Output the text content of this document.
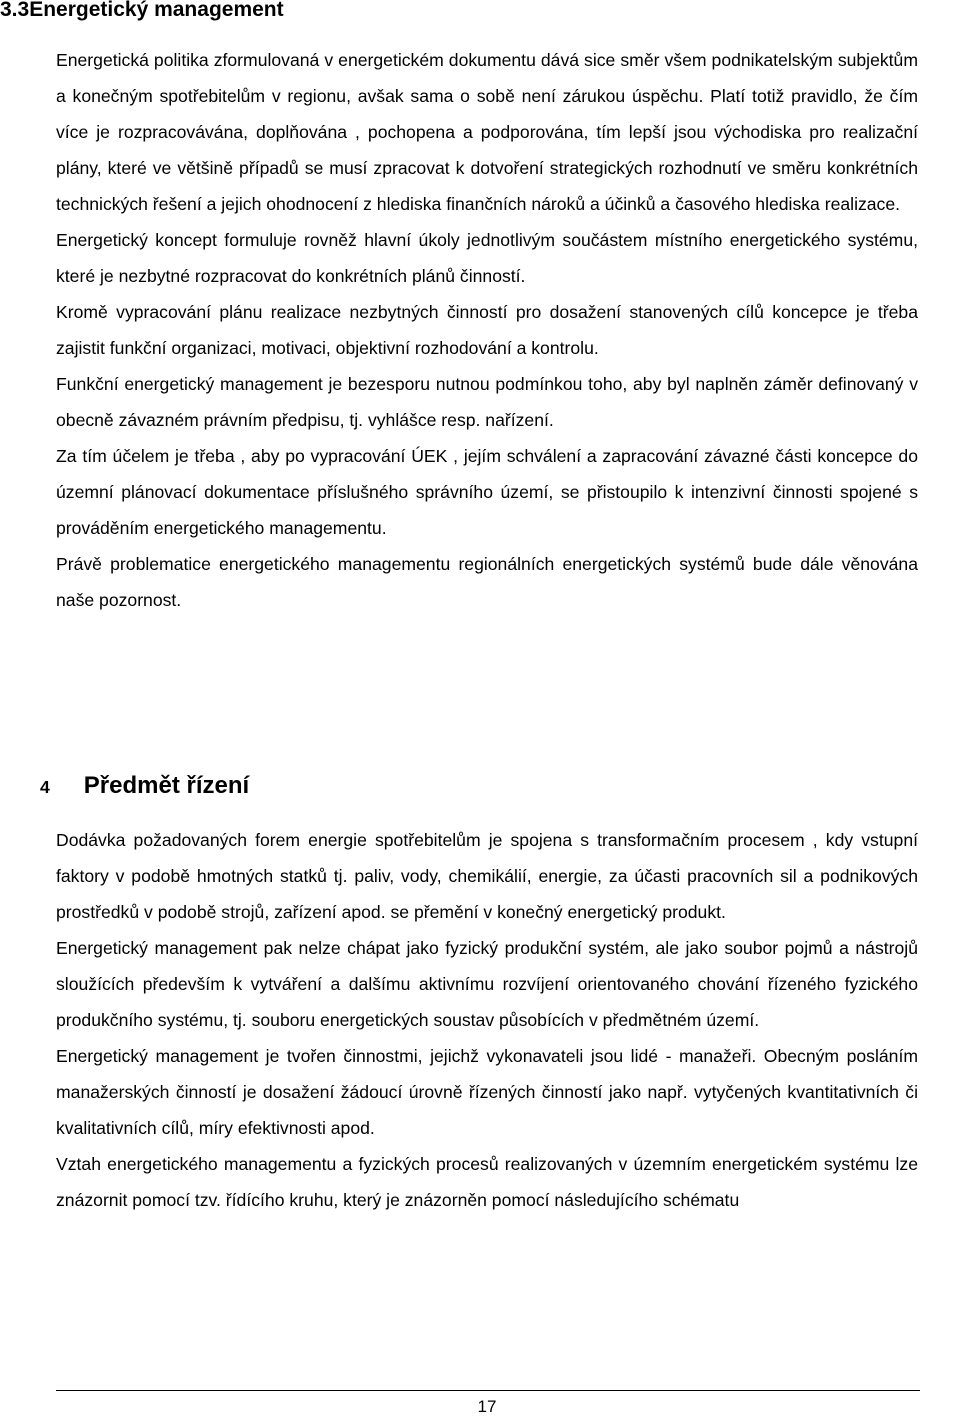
3.3Energetický management

Energetická politika zformulovaná v energetickém dokumentu dává sice směr všem podnikatelským subjektům a konečným spotřebitelům v regionu, avšak sama o sobě není zárukou úspěchu. Platí totiž pravidlo, že čím více je rozpracovávána, doplňována , pochopena a podporována, tím lepší jsou východiska pro realizační plány, které ve většině případů se musí zpracovat k dotvoření strategických rozhodnutí ve směru konkrétních technických řešení a jejich ohodnocení z hlediska finančních nároků a účinků a časového hlediska realizace.

Energetický koncept formuluje rovněž hlavní úkoly jednotlivým součástem místního energetického systému, které je nezbytné rozpracovat do konkrétních plánů činností.

Kromě vypracování plánu realizace nezbytných činností pro dosažení stanovených cílů koncepce je třeba zajistit funkční organizaci, motivaci, objektivní rozhodování a kontrolu.

Funkční energetický management je bezesporu nutnou podmínkou toho, aby byl naplněn záměr definovaný v obecně závazném právním předpisu, tj. vyhlášce resp. nařízení.

Za tím účelem je třeba , aby po vypracování ÚEK , jejím schválení a zapracování závazné části koncepce do územní plánovací dokumentace příslušného správního území, se přistoupilo k intenzivní činnosti spojené s prováděním energetického managementu.

Právě problematice energetického managementu regionálních energetických systémů bude dále věnována naše pozornost.

4 Předmět řízení

Dodávka požadovaných forem energie spotřebitelům je spojena s transformačním procesem , kdy vstupní faktory v podobě hmotných statků tj. paliv, vody, chemikálií, energie, za účasti pracovních sil a podnikových prostředků v podobě strojů, zařízení apod. se přemění v konečný energetický produkt.

Energetický management pak nelze chápat jako fyzický produkční systém, ale jako soubor pojmů a nástrojů sloužících především k vytváření a dalšímu aktivnímu rozvíjení orientovaného chování řízeného fyzického produkčního systému, tj. souboru energetických soustav působících v předmětném území.

Energetický management je tvořen činnostmi, jejichž vykonavateli jsou lidé - manažeři. Obecným posláním manažerských činností je dosažení žádoucí úrovně řízených činností jako např. vytyčených kvantitativních či kvalitativních cílů, míry efektivnosti apod.

Vztah energetického managementu a fyzických procesů realizovaných v územním energetickém systému lze znázornit pomocí tzv. řídícího kruhu, který je znázorněn pomocí následujícího schématu

17
